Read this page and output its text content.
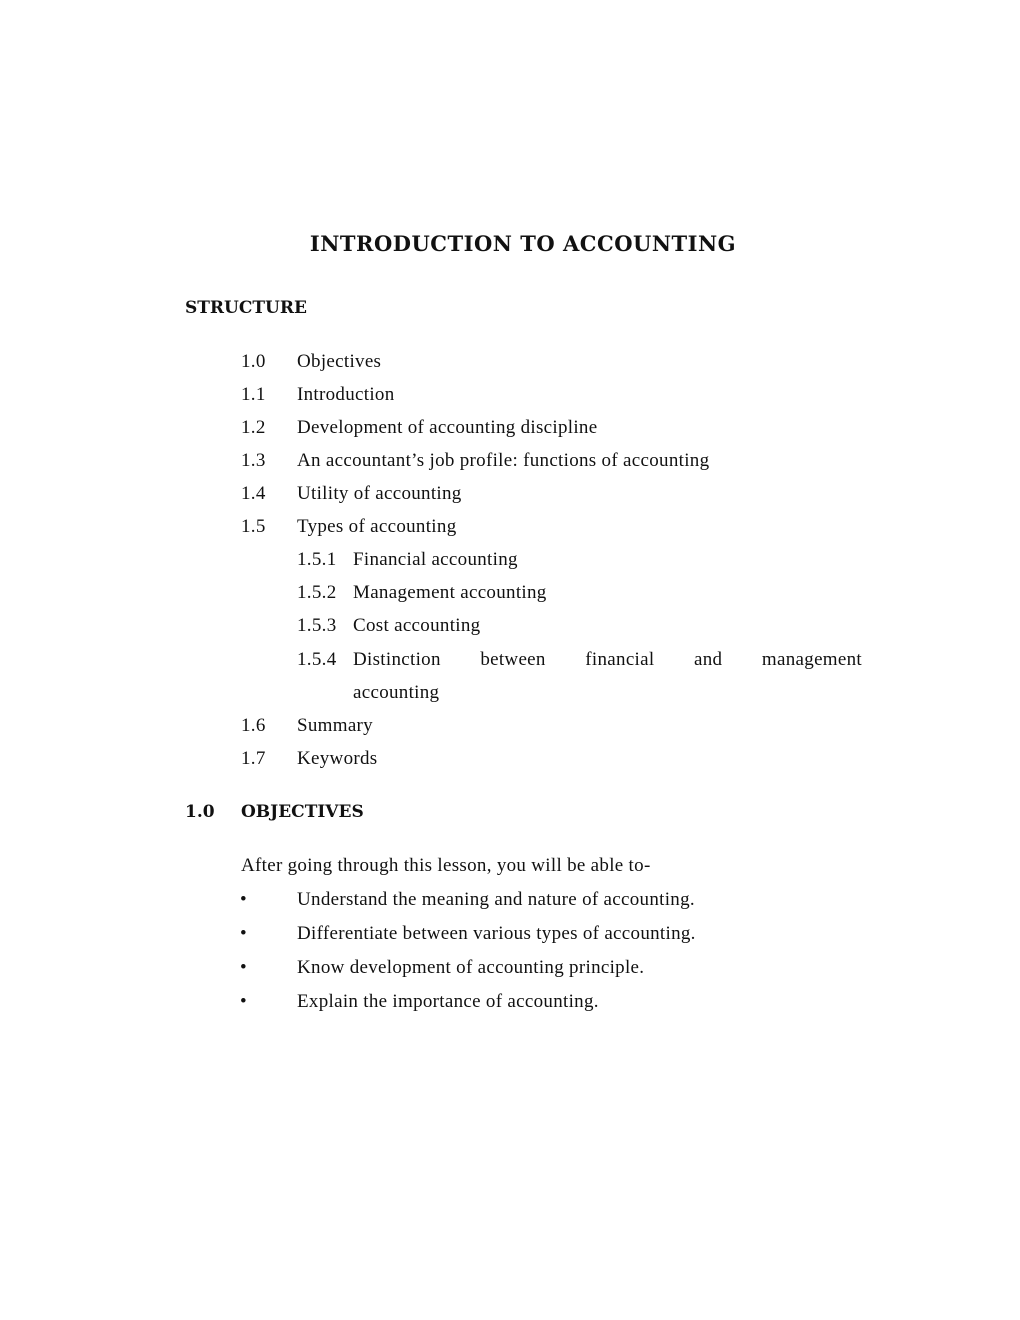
INTRODUCTION TO ACCOUNTING
STRUCTURE
1.0 Objectives
1.1 Introduction
1.2 Development of accounting discipline
1.3 An accountant’s job profile: functions of accounting
1.4 Utility of accounting
1.5 Types of accounting
1.5.1 Financial accounting
1.5.2 Management accounting
1.5.3 Cost accounting
1.5.4 Distinction between financial and management
accounting
1.6 Summary
1.7 Keywords
1.0 OBJECTIVES
After going through this lesson, you will be able to-
•	Understand the meaning and nature of accounting.
•	Differentiate between various types of accounting.
•	Know development of accounting principle.
•	Explain the importance of accounting.
